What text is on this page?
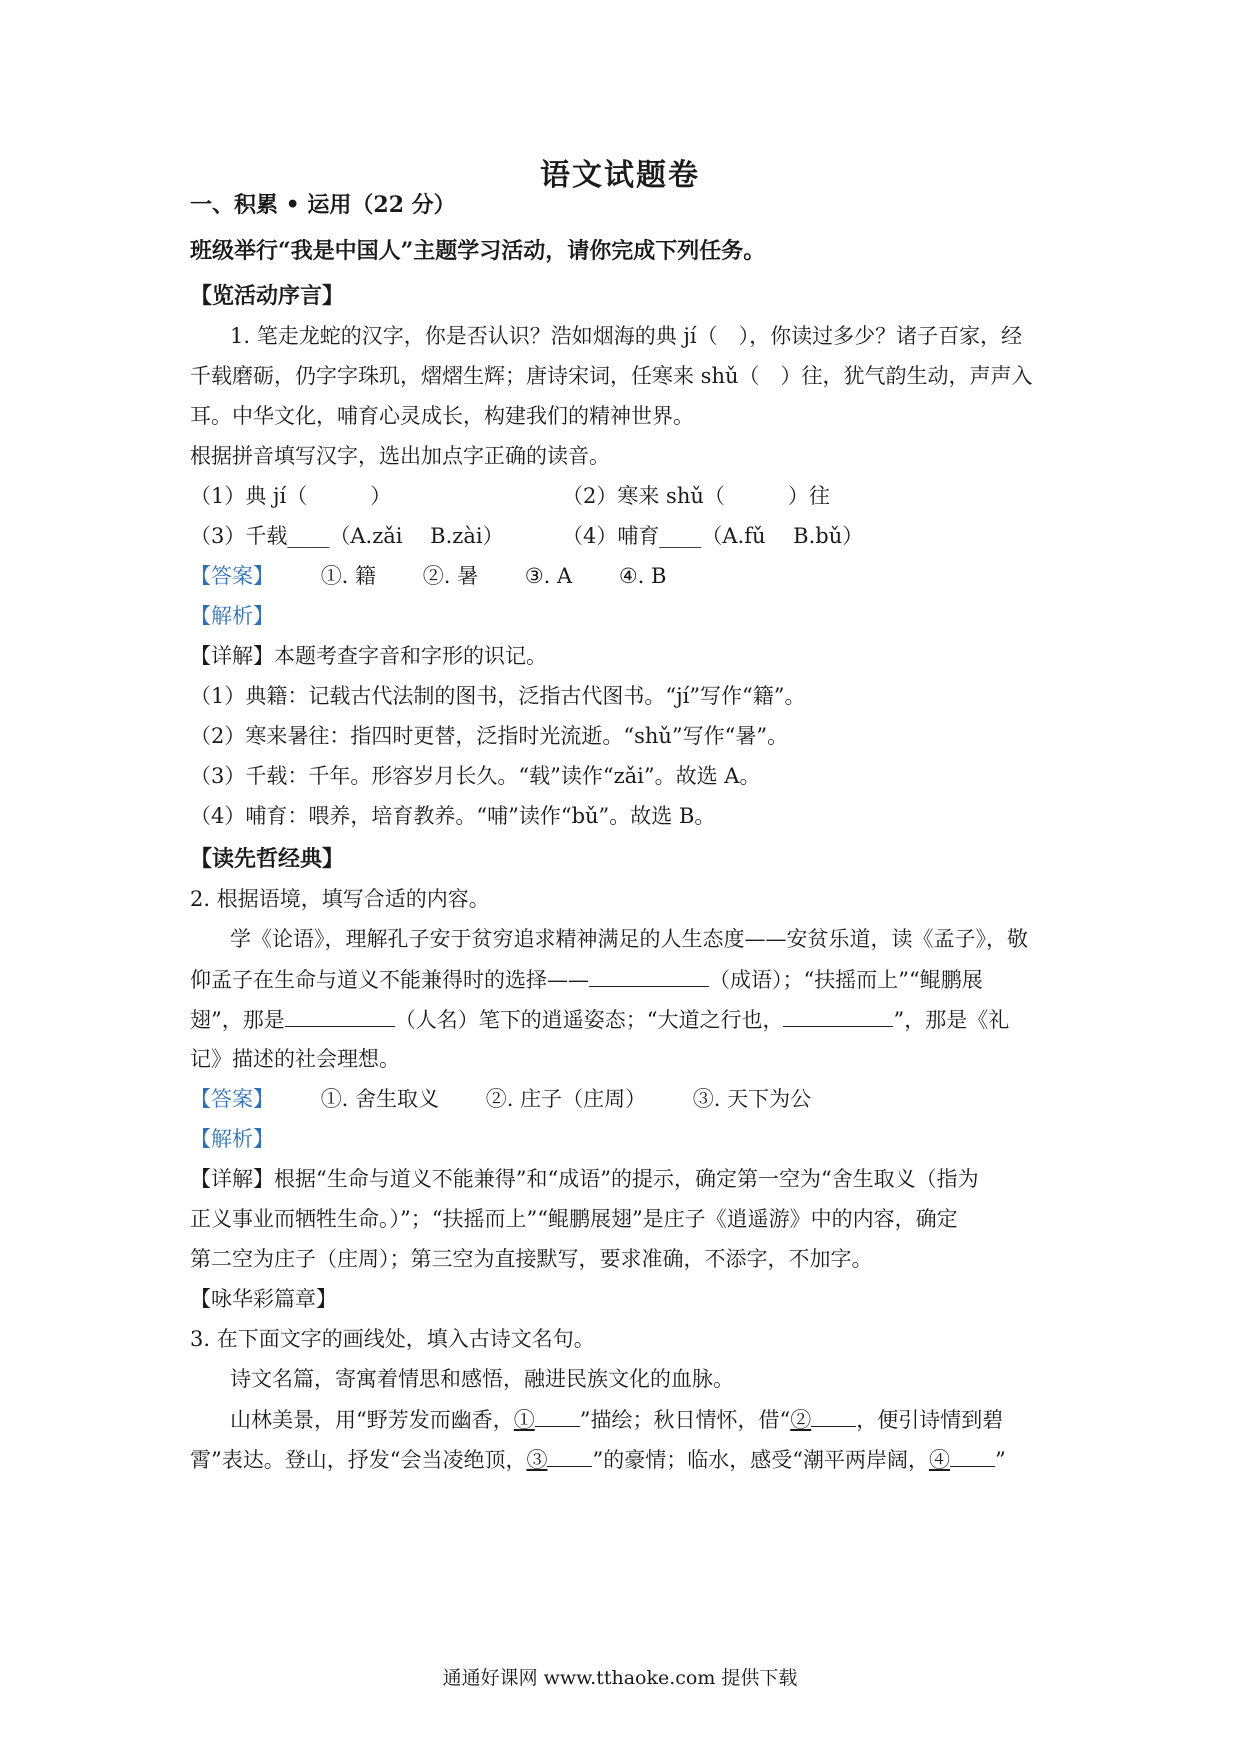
语文试题卷
一、积累 • 运用（22 分）
班级举行“我是中国人”主题学习活动，请你完成下列任务。
【览活动序言】
1. 笔走龙蛇的汉字，你是否认识？浩如烟海的典 jí（　），你读过多少？诸子百家，经
千载磨砺，仍字字珠玑，熠熠生辉；唐诗宋词，任寒来 shǔ（　）往，犹气韵生动，声声入
耳。中华文化，哺育心灵成长，构建我们的精神世界。
根据拼音填写汉字，选出加点字正确的读音。
（1）典 jí（　　　）	（2）寒来 shǔ（　　　）往
（3）千载____（A.zǎi　 B.zài）	（4）哺育____（A.fǔ　 B.bǔ）
【答案】 ①. 籍 ②. 暑 ③. A ④. B
【解析】
【详解】本题考查字音和字形的识记。
（1）典籍：记载古代法制的图书，泛指古代图书。“jí”写作“籍”。
（2）寒来暑往：指四时更替，泛指时光流逝。“shǔ”写作“暑”。
（3）千载：千年。形容岁月长久。“载”读作“zǎi”。故选 A。
（4）哺育：喂养，培育教养。“哺”读作“bǔ”。故选 B。
【读先哲经典】
2. 根据语境，填写合适的内容。
学《论语》，理解孔子安于贫穷追求精神满足的人生态度——安贫乐道，读《孟子》，敬
仰孟子在生命与道义不能兼得时的选择——	（成语）；“扶摇而上”“鲲鹏展
翅”，那是	（人名）笔下的逍遥姿态；“大道之行也，	”，那是《礼
记》描述的社会理想。
【答案】 ①. 舍生取义 ②. 庄子（庄周） ③. 天下为公
【解析】
【详解】根据“生命与道义不能兼得”和“成语”的提示，确定第一空为“舍生取义（指为
正义事业而牺牲生命。）”；“扶摇而上”“鲲鹏展翅”是庄子《逍遥游》中的内容，确定
第二空为庄子（庄周）；第三空为直接默写，要求准确，不添字，不加字。
【咏华彩篇章】
3. 在下面文字的画线处，填入古诗文名句。
诗文名篇，寄寓着情思和感悟，融进民族文化的血脉。
山林美景，用“野芳发而幽香，① ”描绘；秋日情怀，借“② ，便引诗情到碧
霄”表达。登山，抒发“会当凌绝顶，③ ”的豪情；临水，感受“潮平两岸阔，④ ”
通通好课网 www.tthaoke.com 提供下载
